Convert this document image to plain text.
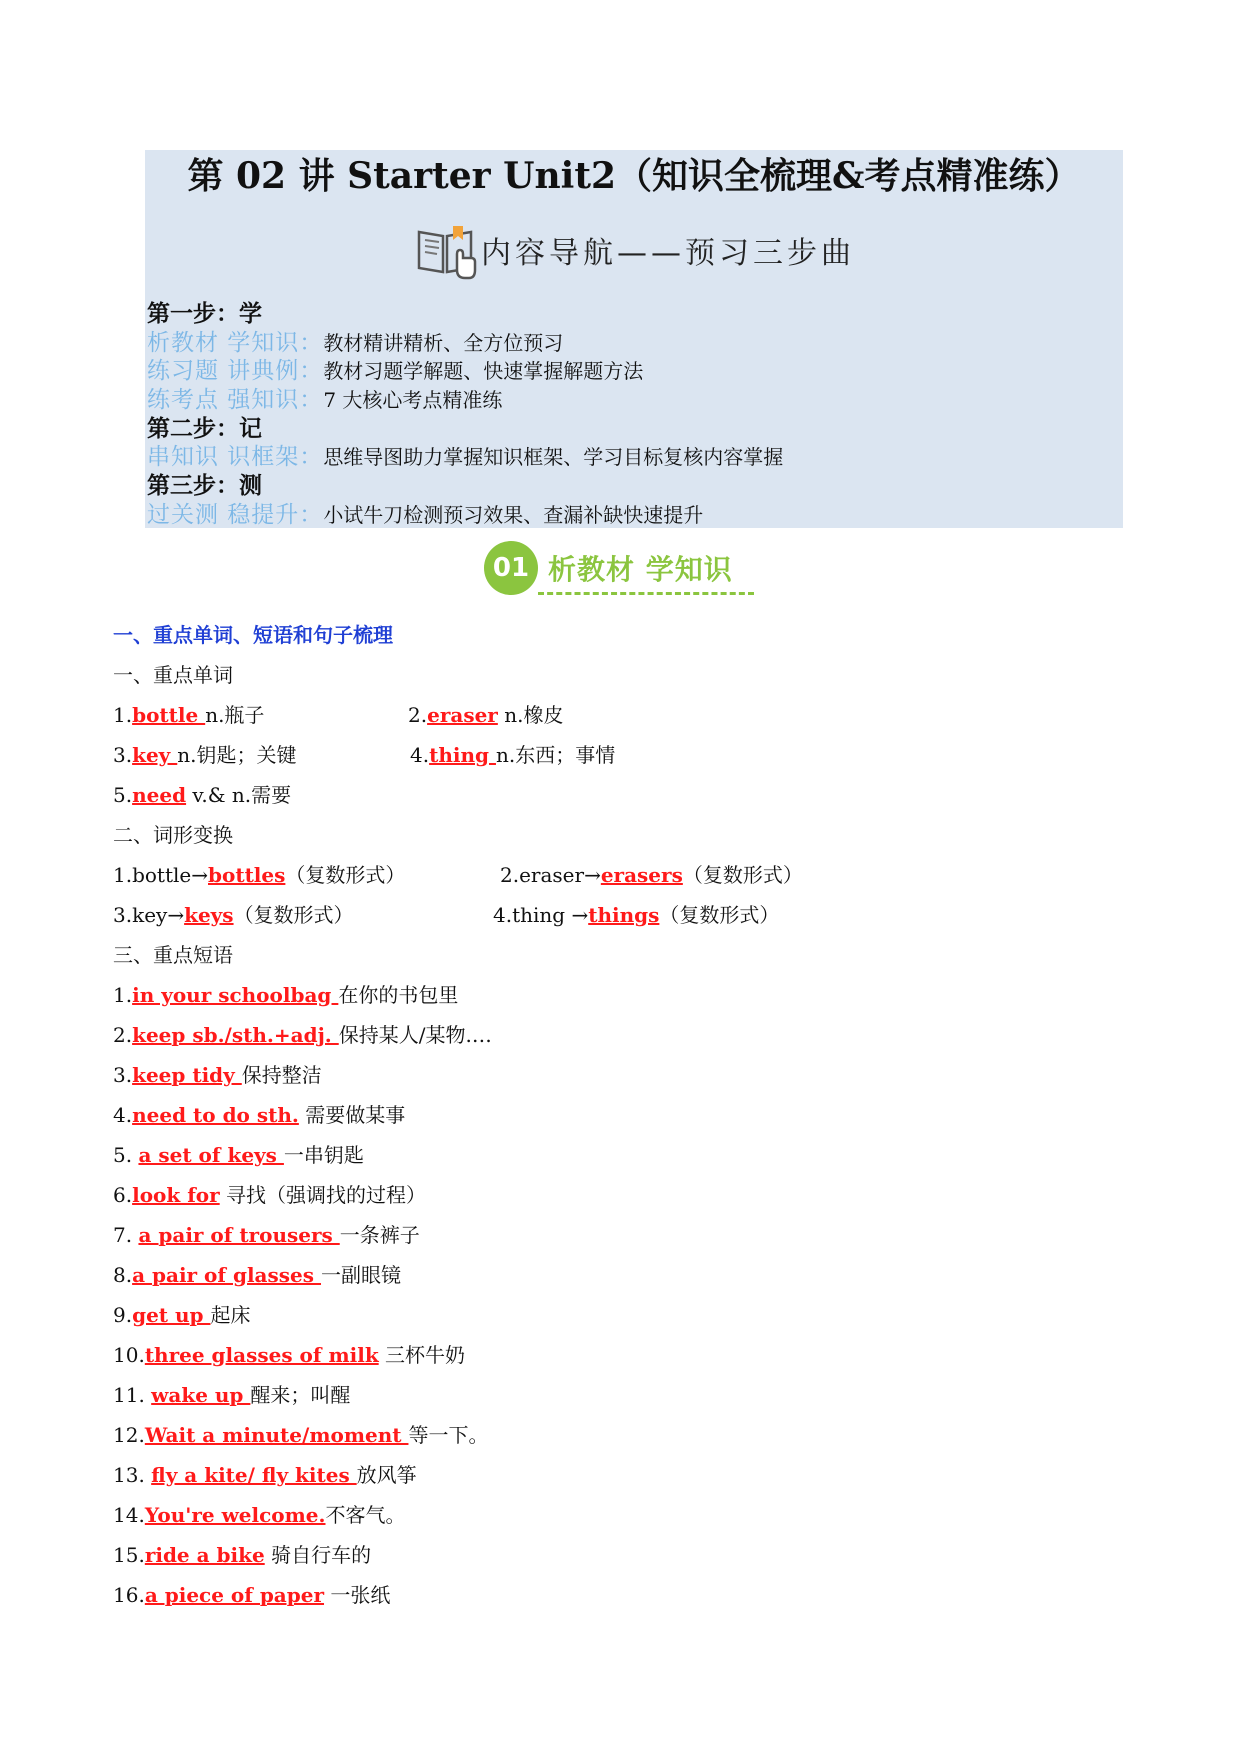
第 02 讲 Starter Unit2（知识全梳理&考点精准练）
内容导航——预习三步曲
第一步：学
析教材 学知识：教材精讲精析、全方位预习
练习题 讲典例：教材习题学解题、快速掌握解题方法
练考点 强知识：7 大核心考点精准练
第二步：记
串知识 识框架：思维导图助力掌握知识框架、学习目标复核内容掌握
第三步：测
过关测 稳提升：小试牛刀检测预习效果、查漏补缺快速提升
01 析教材 学知识
一、重点单词、短语和句子梳理
一、重点单词
1.bottle n.瓶子	2.eraser n.橡皮
3.key n.钥匙；关键	4.thing n.东西；事情
5.need v.& n.需要
二、词形变换
1.bottle→bottles（复数形式）	2.eraser→erasers（复数形式）
3.key→keys（复数形式）	4.thing →things（复数形式）
三、重点短语
1.in your schoolbag 在你的书包里
2.keep sb./sth.+adj. 保持某人/某物.…
3.keep tidy 保持整洁
4.need to do sth. 需要做某事
5. a set of keys 一串钥匙
6.look for 寻找（强调找的过程）
7. a pair of trousers 一条裤子
8.a pair of glasses 一副眼镜
9.get up 起床
10.three glasses of milk 三杯牛奶
11. wake up 醒来；叫醒
12.Wait a minute/moment 等一下。
13. fly a kite/ fly kites 放风筝
14.You're welcome.不客气。
15.ride a bike 骑自行车的
16.a piece of paper 一张纸
